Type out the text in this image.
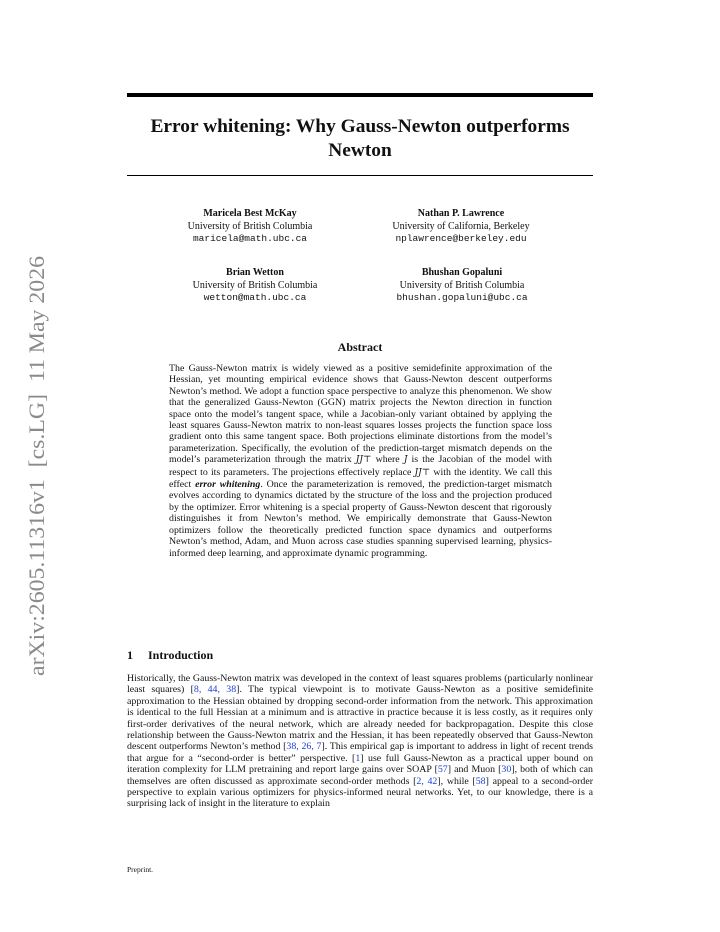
arXiv:2605.11316v1  [cs.LG]  11 May 2026
Error whitening: Why Gauss-Newton outperforms Newton
Maricela Best McKay
University of British Columbia
maricela@math.ubc.ca
Nathan P. Lawrence
University of California, Berkeley
nplawrence@berkeley.edu
Brian Wetton
University of British Columbia
wetton@math.ubc.ca
Bhushan Gopaluni
University of British Columbia
bhushan.gopaluni@ubc.ca
Abstract
The Gauss-Newton matrix is widely viewed as a positive semidefinite approximation of the Hessian, yet mounting empirical evidence shows that Gauss-Newton descent outperforms Newton’s method. We adopt a function space perspective to analyze this phenomenon. We show that the generalized Gauss-Newton (GGN) matrix projects the Newton direction in function space onto the model’s tangent space, while a Jacobian-only variant obtained by applying the least squares Gauss-Newton matrix to non-least squares losses projects the function space loss gradient onto this same tangent space. Both projections eliminate distortions from the model’s parameterization. Specifically, the evolution of the prediction-target mismatch depends on the model’s parameterization through the matrix JJ⊤ where J is the Jacobian of the model with respect to its parameters. The projections effectively replace JJ⊤ with the identity. We call this effect error whitening. Once the parameterization is removed, the prediction-target mismatch evolves according to dynamics dictated by the structure of the loss and the projection produced by the optimizer. Error whitening is a special property of Gauss-Newton descent that rigorously distinguishes it from Newton’s method. We empirically demonstrate that Gauss-Newton optimizers follow the theoretically predicted function space dynamics and outperforms Newton’s method, Adam, and Muon across case studies spanning supervised learning, physics-informed deep learning, and approximate dynamic programming.
1 Introduction
Historically, the Gauss-Newton matrix was developed in the context of least squares problems (particularly nonlinear least squares) [8, 44, 38]. The typical viewpoint is to motivate Gauss-Newton as a positive semidefinite approximation to the Hessian obtained by dropping second-order information from the network. This approximation is identical to the full Hessian at a minimum and is attractive in practice because it is less costly, as it requires only first-order derivatives of the neural network, which are already needed for backpropagation. Despite this close relationship between the Gauss-Newton matrix and the Hessian, it has been repeatedly observed that Gauss-Newton descent outperforms Newton’s method [38, 26, 7]. This empirical gap is important to address in light of recent trends that argue for a “second-order is better” perspective. [1] use full Gauss-Newton as a practical upper bound on iteration complexity for LLM pretraining and report large gains over SOAP [57] and Muon [30], both of which can themselves are often discussed as approximate second-order methods [2, 42], while [58] appeal to a second-order perspective to explain various optimizers for physics-informed neural networks. Yet, to our knowledge, there is a surprising lack of insight in the literature to explain
Preprint.
